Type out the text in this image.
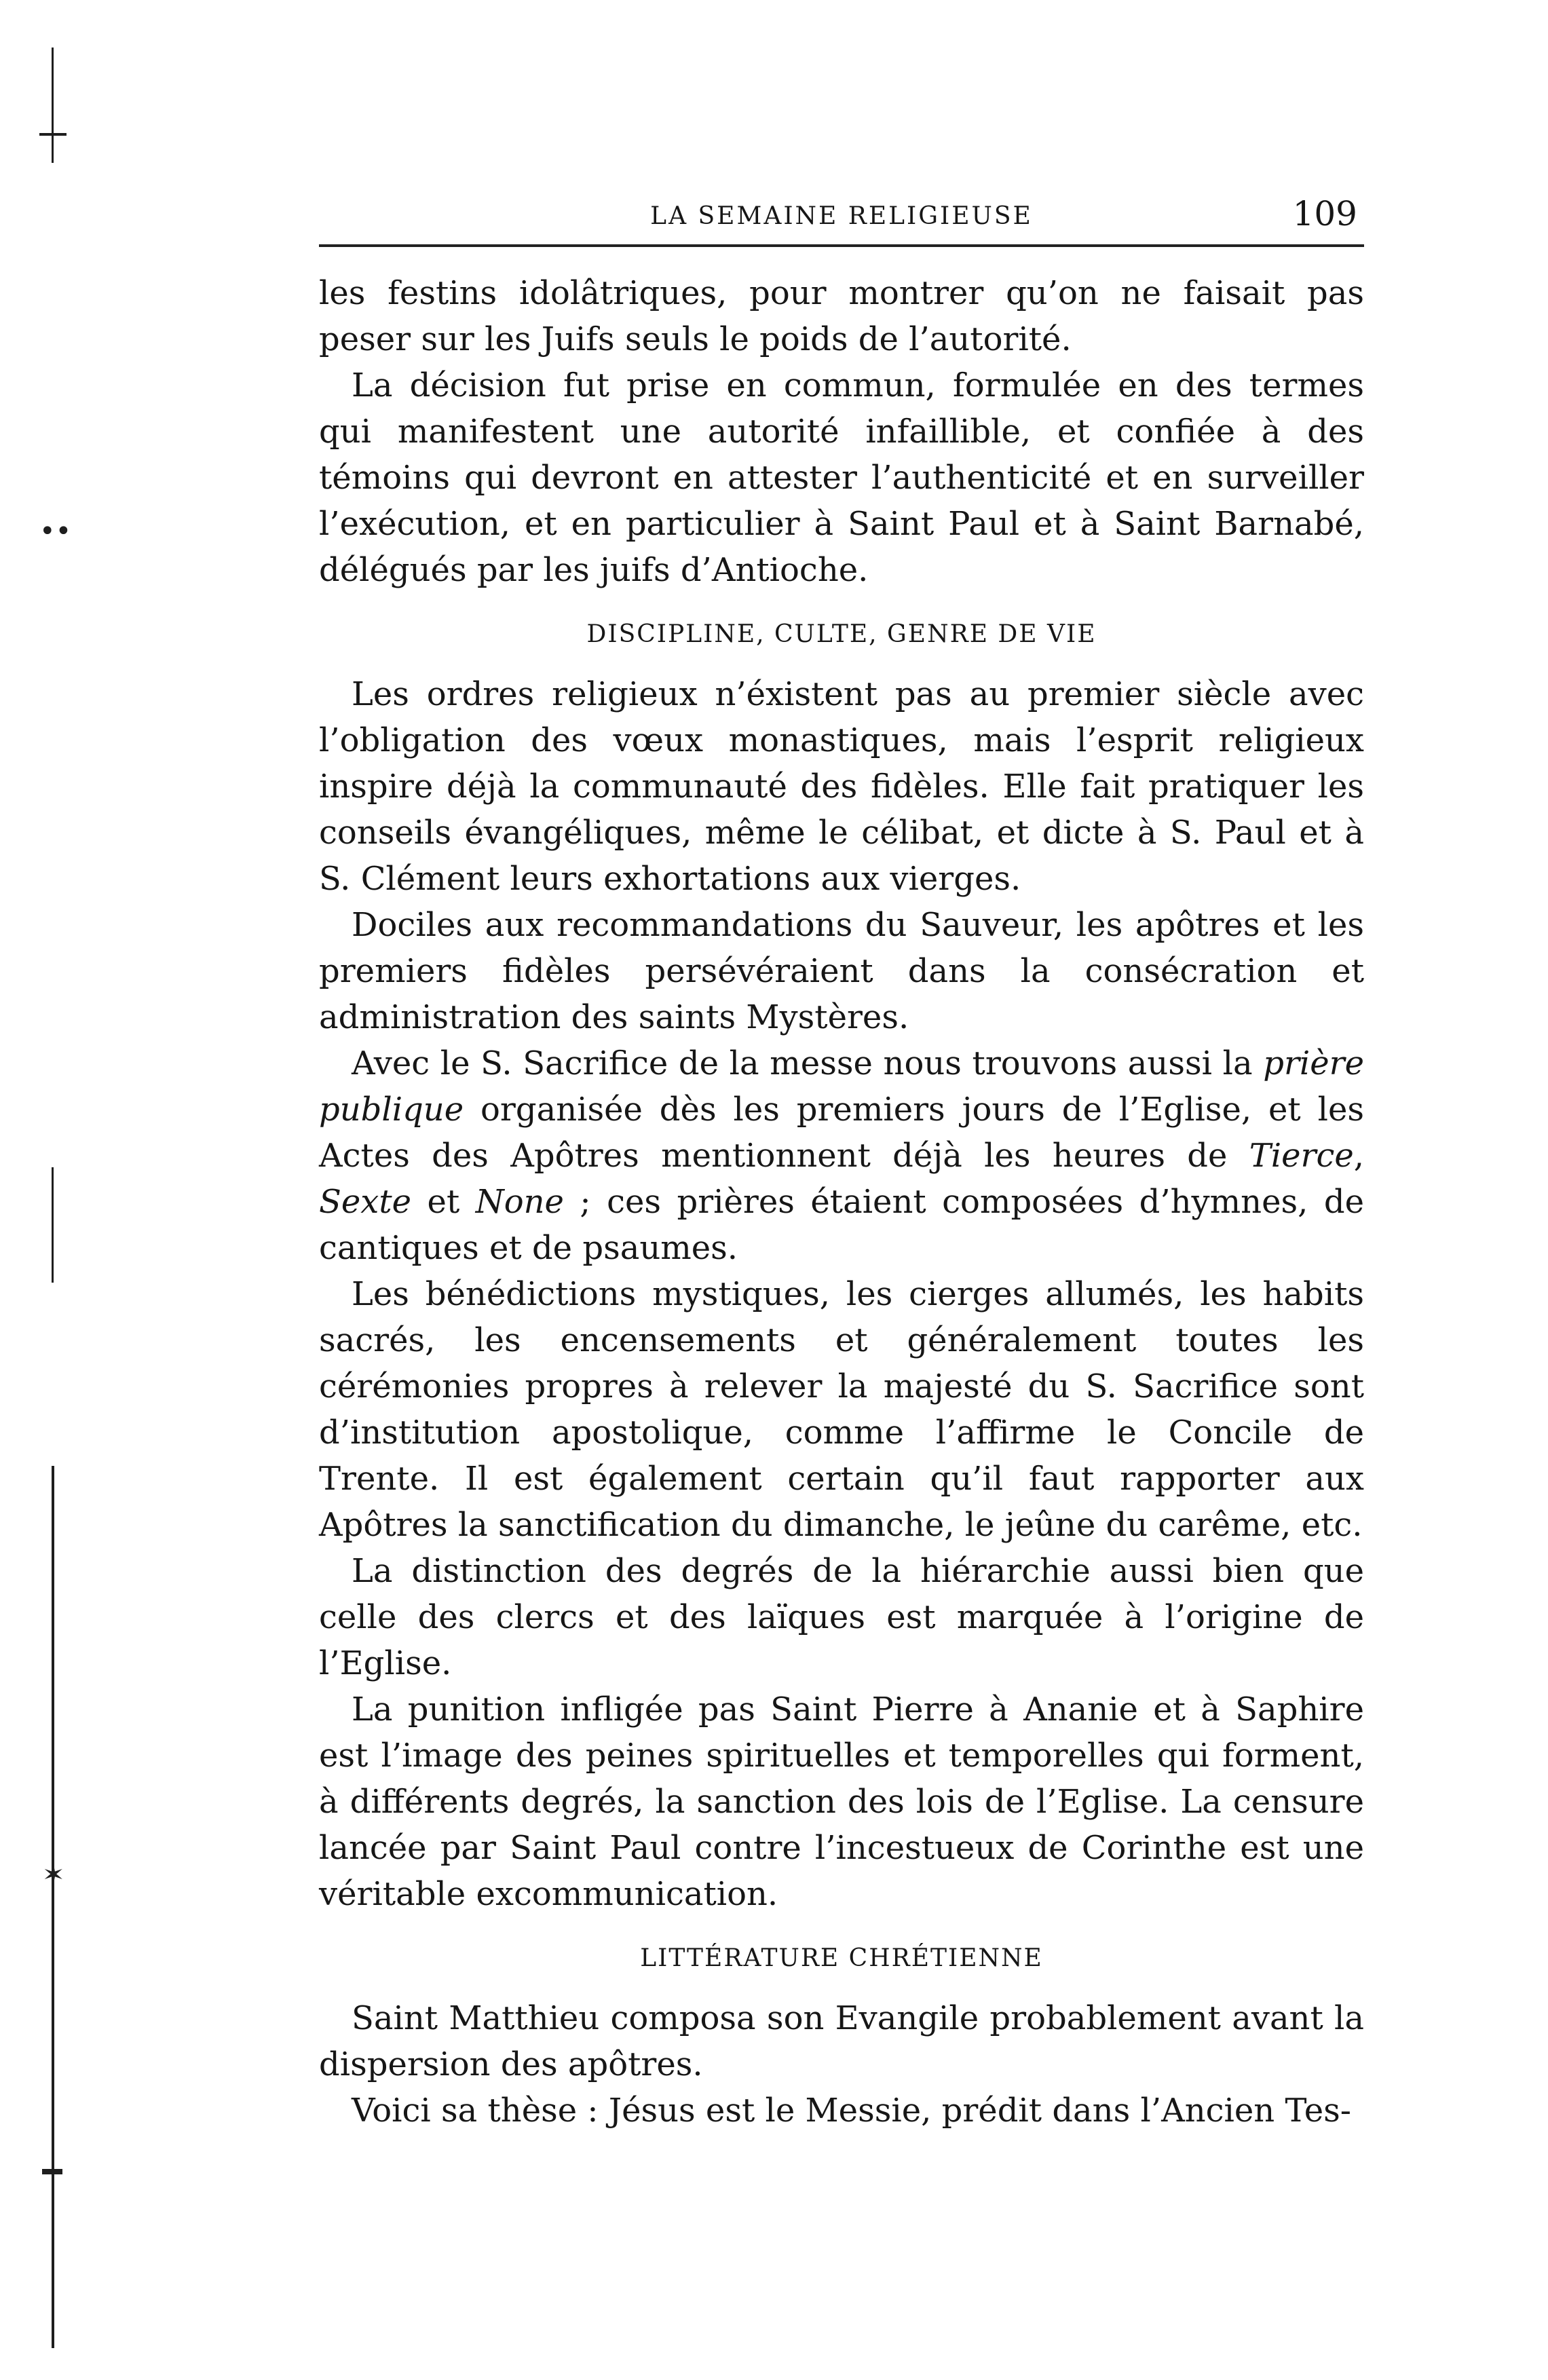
••
✶
LA SEMAINE RELIGIEUSE	109

les festins idolâtriques, pour montrer qu’on ne faisait pas peser sur les Juifs seuls le poids de l’autorité.

La décision fut prise en commun, formulée en des termes qui manifestent une autorité infaillible, et confiée à des témoins qui devront en attester l’authenticité et en surveiller l’exécution, et en particulier à Saint Paul et à Saint Barnabé, délégués par les juifs d’Antioche.

DISCIPLINE, CULTE, GENRE DE VIE

Les ordres religieux n’éxistent pas au premier siècle avec l’obligation des vœux monastiques, mais l’esprit religieux inspire déjà la communauté des fidèles. Elle fait pratiquer les conseils évangéliques, même le célibat, et dicte à S. Paul et à S. Clément leurs exhortations aux vierges.

Dociles aux recommandations du Sauveur, les apôtres et les premiers fidèles persévéraient dans la consécration et administration des saints Mystères.

Avec le S. Sacrifice de la messe nous trouvons aussi la prière publique organisée dès les premiers jours de l’Eglise, et les Actes des Apôtres mentionnent déjà les heures de Tierce, Sexte et None ; ces prières étaient composées d’hymnes, de cantiques et de psaumes.

Les bénédictions mystiques, les cierges allumés, les habits sacrés, les encensements et généralement toutes les cérémonies propres à relever la majesté du S. Sacrifice sont d’institution apostolique, comme l’affirme le Concile de Trente. Il est également certain qu’il faut rapporter aux Apôtres la sanctification du dimanche, le jeûne du carême, etc.

La distinction des degrés de la hiérarchie aussi bien que celle des clercs et des laïques est marquée à l’origine de l’Eglise.

La punition infligée pas Saint Pierre à Ananie et à Saphire est l’image des peines spirituelles et temporelles qui forment, à différents degrés, la sanction des lois de l’Eglise. La censure lancée par Saint Paul contre l’incestueux de Corinthe est une véritable excommunication.

LITTÉRATURE CHRÉTIENNE

Saint Matthieu composa son Evangile probablement avant la dispersion des apôtres.

Voici sa thèse : Jésus est le Messie, prédit dans l’Ancien Tes-
